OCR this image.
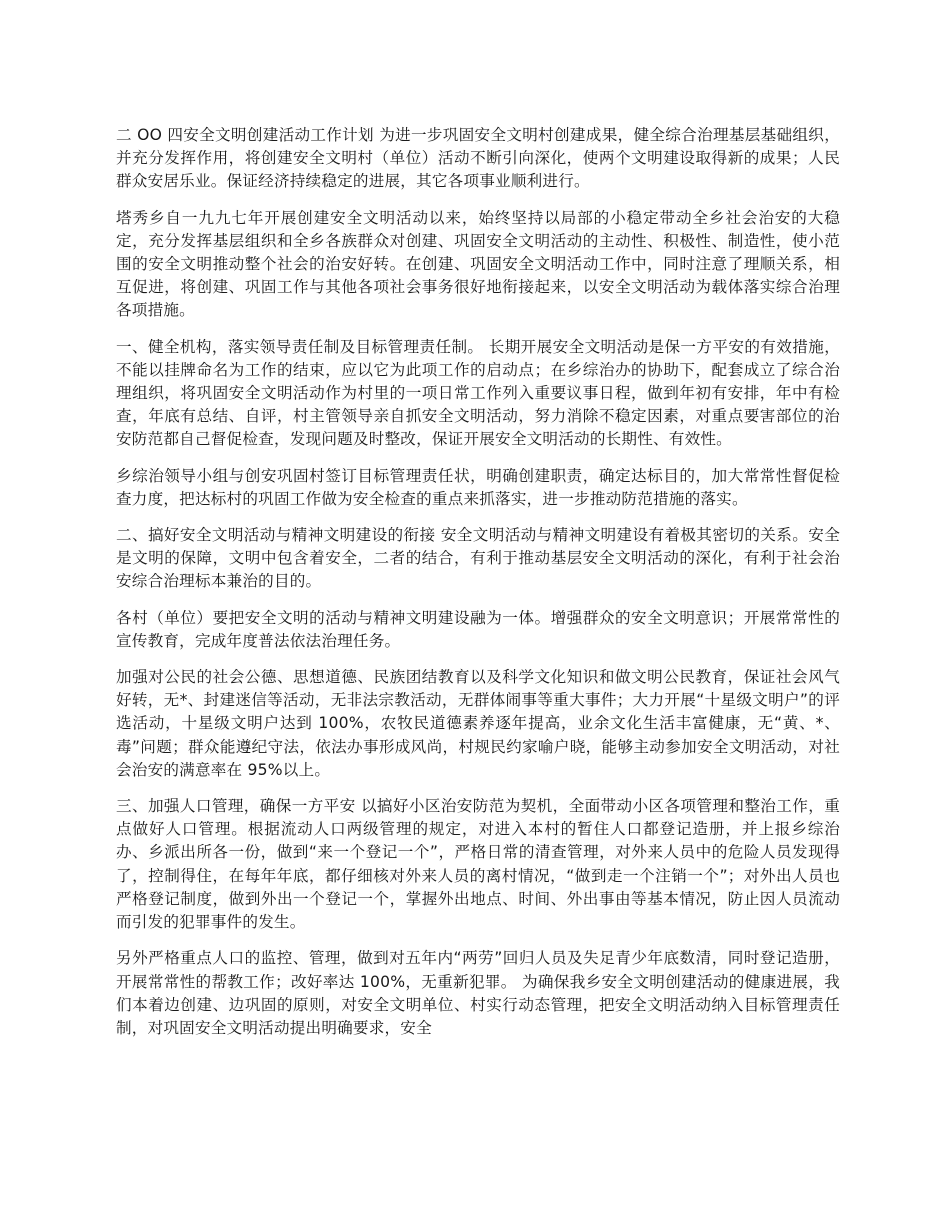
二 OO 四安全文明创建活动工作计划 为进一步巩固安全文明村创建成果，健全综合治理基层基础组织，并充分发挥作用，将创建安全文明村（单位）活动不断引向深化，使两个文明建设取得新的成果；人民群众安居乐业。保证经济持续稳定的进展，其它各项事业顺利进行。

塔秀乡自一九九七年开展创建安全文明活动以来，始终坚持以局部的小稳定带动全乡社会治安的大稳定，充分发挥基层组织和全乡各族群众对创建、巩固安全文明活动的主动性、积极性、制造性，使小范围的安全文明推动整个社会的治安好转。在创建、巩固安全文明活动工作中，同时注意了理顺关系，相互促进，将创建、巩固工作与其他各项社会事务很好地衔接起来，以安全文明活动为载体落实综合治理各项措施。

一、健全机构，落实领导责任制及目标管理责任制。 长期开展安全文明活动是保一方平安的有效措施，不能以挂牌命名为工作的结束，应以它为此项工作的启动点；在乡综治办的协助下，配套成立了综合治理组织，将巩固安全文明活动作为村里的一项日常工作列入重要议事日程，做到年初有安排，年中有检查，年底有总结、自评，村主管领导亲自抓安全文明活动，努力消除不稳定因素，对重点要害部位的治安防范都自己督促检查，发现问题及时整改，保证开展安全文明活动的长期性、有效性。

乡综治领导小组与创安巩固村签订目标管理责任状，明确创建职责，确定达标目的，加大常常性督促检查力度，把达标村的巩固工作做为安全检查的重点来抓落实，进一步推动防范措施的落实。

二、搞好安全文明活动与精神文明建设的衔接 安全文明活动与精神文明建设有着极其密切的关系。安全是文明的保障，文明中包含着安全，二者的结合，有利于推动基层安全文明活动的深化，有利于社会治安综合治理标本兼治的目的。

各村（单位）要把安全文明的活动与精神文明建设融为一体。增强群众的安全文明意识；开展常常性的宣传教育，完成年度普法依法治理任务。

加强对公民的社会公德、思想道德、民族团结教育以及科学文化知识和做文明公民教育，保证社会风气好转，无*、封建迷信等活动，无非法宗教活动，无群体闹事等重大事件；大力开展“十星级文明户”的评选活动，十星级文明户达到 100%，农牧民道德素养逐年提高，业余文化生活丰富健康，无“黄、*、毒”问题；群众能遵纪守法，依法办事形成风尚，村规民约家喻户晓，能够主动参加安全文明活动，对社会治安的满意率在 95%以上。

三、加强人口管理，确保一方平安 以搞好小区治安防范为契机，全面带动小区各项管理和整治工作，重点做好人口管理。根据流动人口两级管理的规定，对进入本村的暂住人口都登记造册，并上报乡综治办、乡派出所各一份，做到“来一个登记一个”，严格日常的清查管理，对外来人员中的危险人员发现得了，控制得住，在每年年底，都仔细核对外来人员的离村情况，“做到走一个注销一个”；对外出人员也严格登记制度，做到外出一个登记一个，掌握外出地点、时间、外出事由等基本情况，防止因人员流动而引发的犯罪事件的发生。

另外严格重点人口的监控、管理，做到对五年内“两劳”回归人员及失足青少年底数清，同时登记造册，开展常常性的帮教工作；改好率达 100%，无重新犯罪。 为确保我乡安全文明创建活动的健康进展，我们本着边创建、边巩固的原则，对安全文明单位、村实行动态管理，把安全文明活动纳入目标管理责任制，对巩固安全文明活动提出明确要求，安全
